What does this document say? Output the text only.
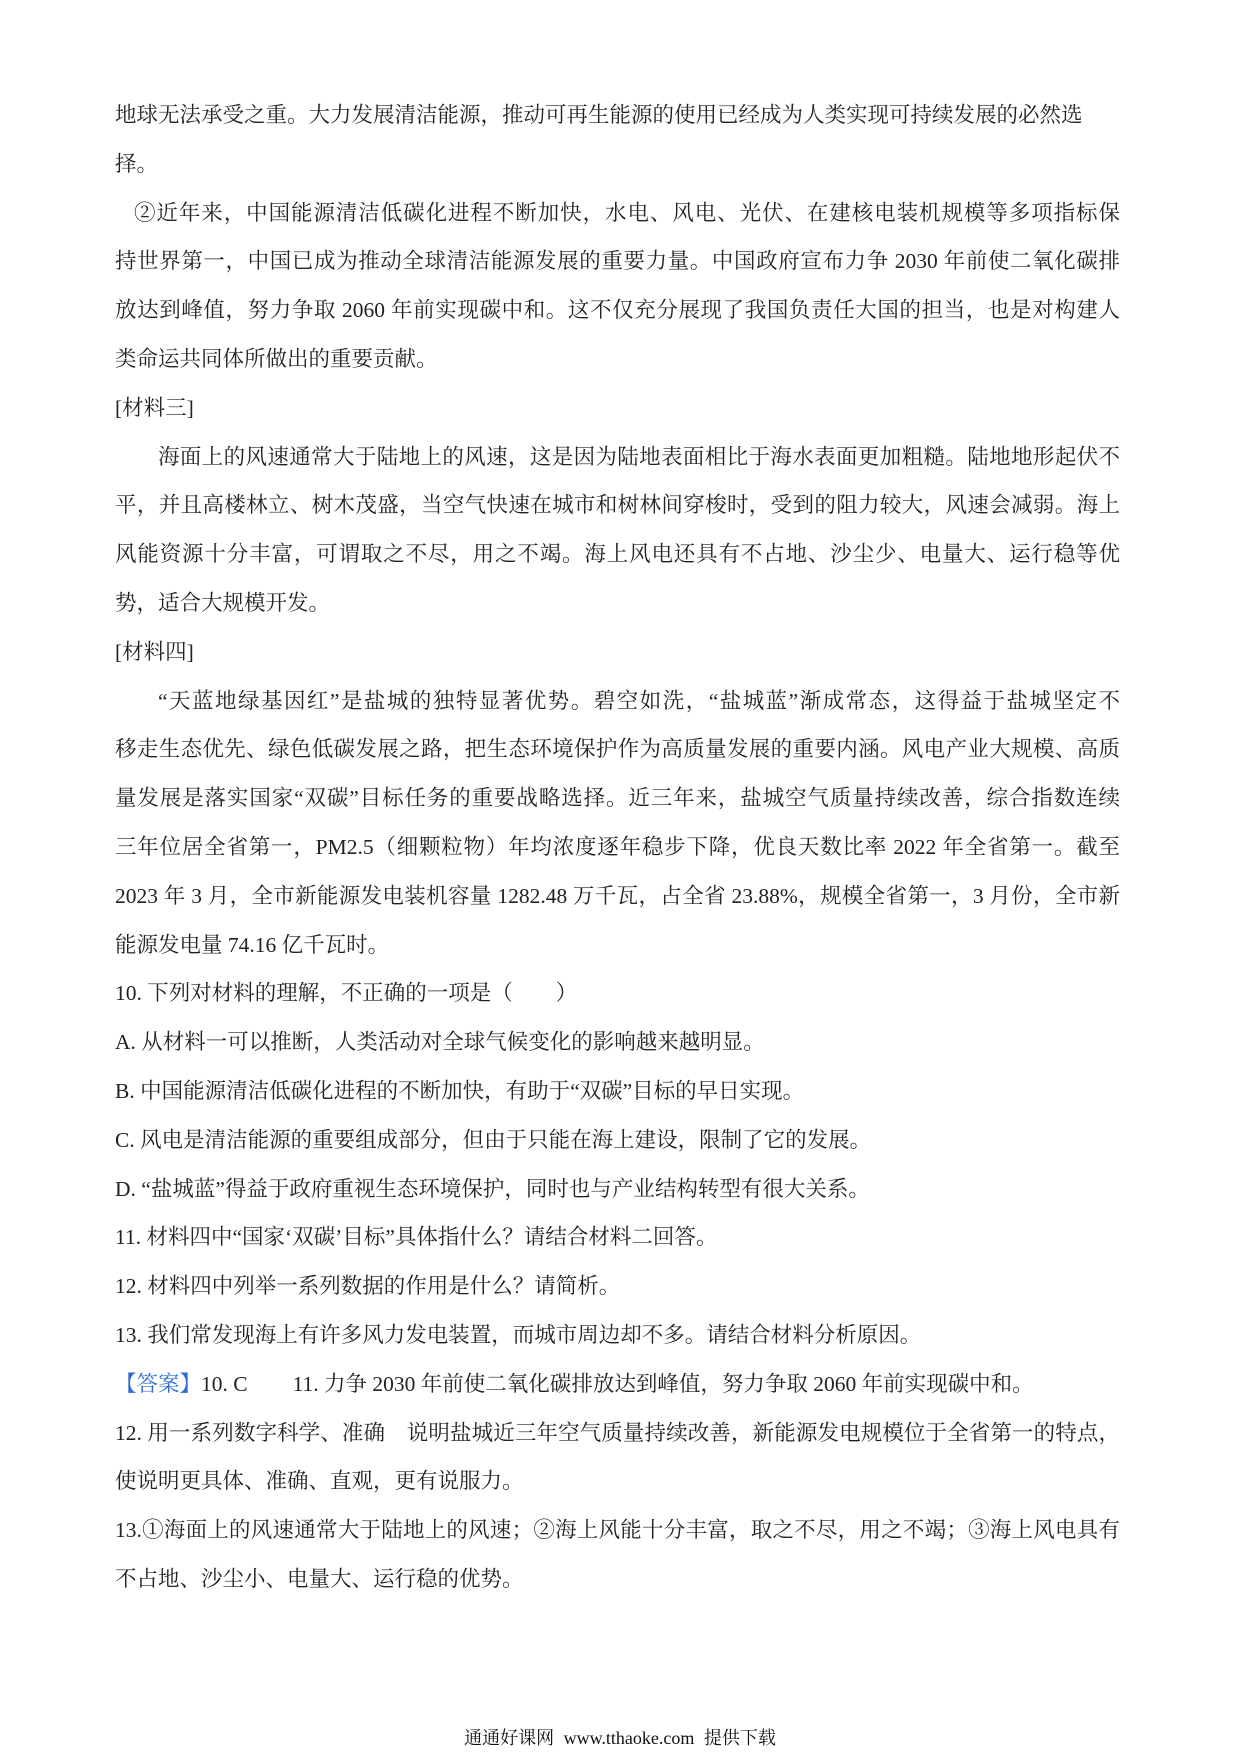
地球无法承受之重。大力发展清洁能源，推动可再生能源的使用已经成为人类实现可持续发展的必然选
择。
②近年来，中国能源清洁低碳化进程不断加快，水电、风电、光伏、在建核电装机规模等多项指标保
持世界第一，中国已成为推动全球清洁能源发展的重要力量。中国政府宣布力争 2030 年前使二氧化碳排
放达到峰值，努力争取 2060 年前实现碳中和。这不仅充分展现了我国负责任大国的担当，也是对构建人
类命运共同体所做出的重要贡献。
[材料三]
海面上的风速通常大于陆地上的风速，这是因为陆地表面相比于海水表面更加粗糙。陆地地形起伏不
平，并且高楼林立、树木茂盛，当空气快速在城市和树林间穿梭时，受到的阻力较大，风速会减弱。海上
风能资源十分丰富，可谓取之不尽，用之不竭。海上风电还具有不占地、沙尘少、电量大、运行稳等优
势，适合大规模开发。
[材料四]
“天蓝地绿基因红”是盐城的独特显著优势。碧空如洗，“盐城蓝”渐成常态，这得益于盐城坚定不
移走生态优先、绿色低碳发展之路，把生态环境保护作为高质量发展的重要内涵。风电产业大规模、高质
量发展是落实国家“双碳”目标任务的重要战略选择。近三年来，盐城空气质量持续改善，综合指数连续
三年位居全省第一，PM2.5（细颗粒物）年均浓度逐年稳步下降，优良天数比率 2022 年全省第一。截至
2023 年 3 月，全市新能源发电装机容量 1282.48 万千瓦，占全省 23.88%，规模全省第一，3 月份，全市新
能源发电量 74.16 亿千瓦时。
10. 下列对材料的理解，不正确的一项是（　　）
A. 从材料一可以推断，人类活动对全球气候变化的影响越来越明显。
B. 中国能源清洁低碳化进程的不断加快，有助于“双碳”目标的早日实现。
C. 风电是清洁能源的重要组成部分，但由于只能在海上建设，限制了它的发展。
D. “盐城蓝”得益于政府重视生态环境保护，同时也与产业结构转型有很大关系。
11. 材料四中“国家‘双碳’目标”具体指什么？请结合材料二回答。
12. 材料四中列举一系列数据的作用是什么？请简析。
13. 我们常发现海上有许多风力发电装置，而城市周边却不多。请结合材料分析原因。
【答案】10. C 11. 力争 2030 年前使二氧化碳排放达到峰值，努力争取 2060 年前实现碳中和。
12. 用一系列数字科学、准确　说明盐城近三年空气质量持续改善，新能源发电规模位于全省第一的特点，
使说明更具体、准确、直观，更有说服力。
13.①海面上的风速通常大于陆地上的风速；②海上风能十分丰富，取之不尽，用之不竭；③海上风电具有
不占地、沙尘小、电量大、运行稳的优势。
通通好课网 www.tthaoke.com 提供下载
